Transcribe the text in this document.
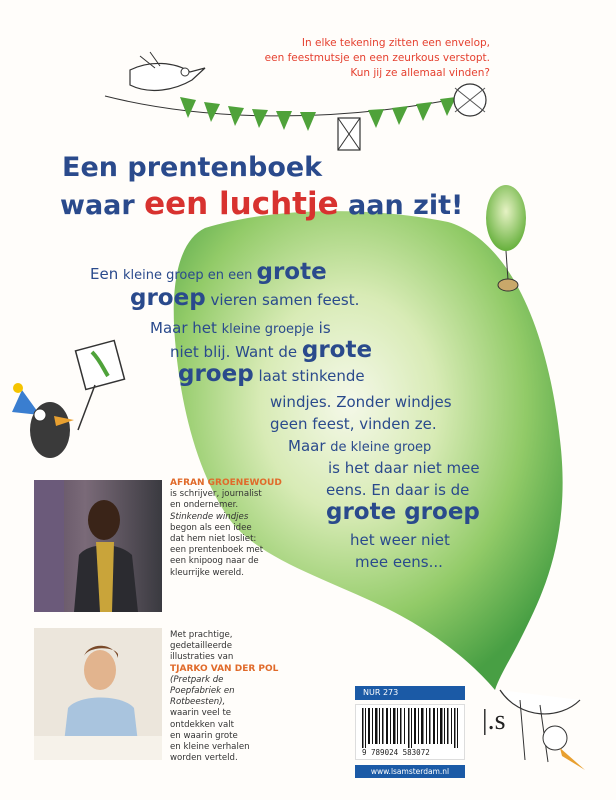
In elke tekening zitten een envelop,
een feestmutsje en een zeurkous verstopt.
Kun jij ze allemaal vinden?
Een prentenboek
waar een luchtje aan zit!
Een kleine groep en een grote
groep vieren samen feest.
Maar het kleine groepje is
niet blij. Want de grote
groep laat stinkende
windjes. Zonder windjes
geen feest, vinden ze.
Maar de kleine groep
is het daar niet mee
eens. En daar is de
grote groep
het weer niet
mee eens...
AFRAN GROENEWOUD
is schrijver, journalist
en ondernemer.
Stinkende windjes
begon als een idee
dat hem niet losliet:
een prentenboek met
een knipoog naar de
kleurrijke wereld.
Met prachtige,
gedetailleerde
illustraties van
TJARKO VAN DER POL
(Pretpark de
Poepfabriek en
Rotbeesten),
waarin veel te
ontdekken valt
en waarin grote
en kleine verhalen
worden verteld.
NUR 273
9 789024 583072
www.lsamsterdam.nl
|.s
